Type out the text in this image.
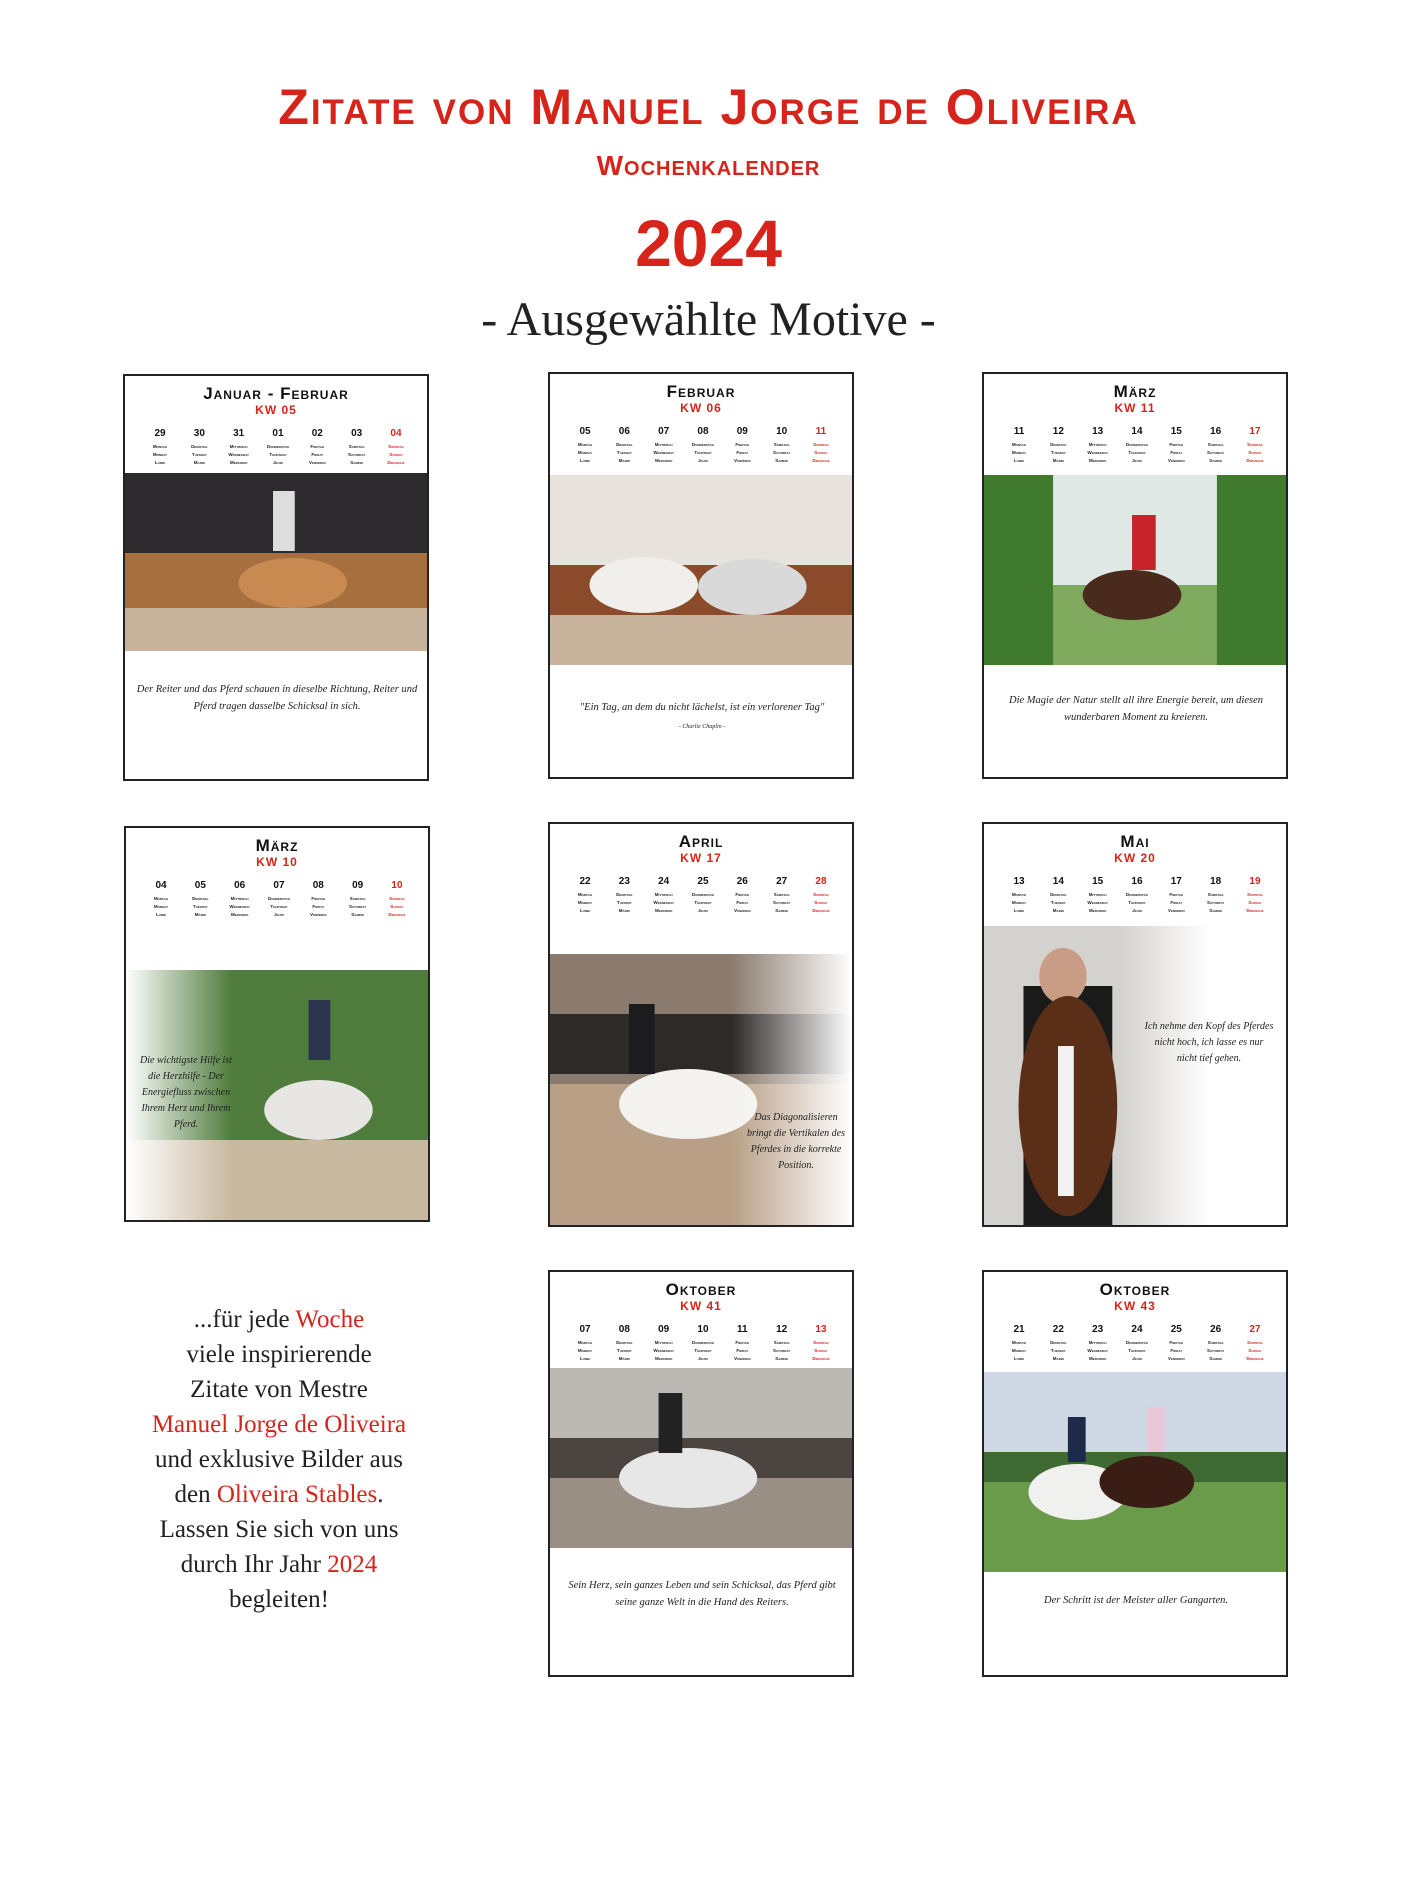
Zitate von Manuel Jorge de Oliveira
Wochenkalender
2024
- Ausgewählte Motive -
Der Reiter und das Pferd schauen in dieselbe Richtung, Reiter und Pferd tragen dasselbe Schicksal in sich.
Januar - Februar
KW 05
29
Montag
Monday
Lundi
30
Dienstag
Tuesday
Mardi
31
Mittwoch
Wednesday
Mercredi
01
Donnerstag
Thursday
Jeudi
02
Freitag
Friday
Vendredi
03
Samstag
Saturday
Samedi
04
Sonntag
Sunday
Dimanche
"Ein Tag, an dem du nicht lächelst, ist ein verlorener Tag"
- Charlie Chaplin -
Februar
KW 06
05
Montag
Monday
Lundi
06
Dienstag
Tuesday
Mardi
07
Mittwoch
Wednesday
Mercredi
08
Donnerstag
Thursday
Jeudi
09
Freitag
Friday
Vendredi
10
Samstag
Saturday
Samedi
11
Sonntag
Sunday
Dimanche
Die Magie der Natur stellt all ihre Energie bereit, um diesen wunderbaren Moment zu kreieren.
März
KW 11
11
Montag
Monday
Lundi
12
Dienstag
Tuesday
Mardi
13
Mittwoch
Wednesday
Mercredi
14
Donnerstag
Thursday
Jeudi
15
Freitag
Friday
Vendredi
16
Samstag
Saturday
Samedi
17
Sonntag
Sunday
Dimanche
Die wichtigste Hilfe ist die Herzhilfe - Der Energiefluss zwischen Ihrem Herz und Ihrem Pferd.
März
KW 10
04
Montag
Monday
Lundi
05
Dienstag
Tuesday
Mardi
06
Mittwoch
Wednesday
Mercredi
07
Donnerstag
Thursday
Jeudi
08
Freitag
Friday
Vendredi
09
Samstag
Saturday
Samedi
10
Sonntag
Sunday
Dimanche
Das Diagonalisieren bringt die Vertikalen des Pferdes in die korrekte Position.
April
KW 17
22
Montag
Monday
Lundi
23
Dienstag
Tuesday
Mardi
24
Mittwoch
Wednesday
Mercredi
25
Donnerstag
Thursday
Jeudi
26
Freitag
Friday
Vendredi
27
Samstag
Saturday
Samedi
28
Sonntag
Sunday
Dimanche
Ich nehme den Kopf des Pferdes nicht hoch, ich lasse es nur nicht tief gehen.
Mai
KW 20
13
Montag
Monday
Lundi
14
Dienstag
Tuesday
Mardi
15
Mittwoch
Wednesday
Mercredi
16
Donnerstag
Thursday
Jeudi
17
Freitag
Friday
Vendredi
18
Samstag
Saturday
Samedi
19
Sonntag
Sunday
Dimanche
Sein Herz, sein ganzes Leben und sein Schicksal, das Pferd gibt seine ganze Welt in die Hand des Reiters.
Oktober
KW 41
07
Montag
Monday
Lundi
08
Dienstag
Tuesday
Mardi
09
Mittwoch
Wednesday
Mercredi
10
Donnerstag
Thursday
Jeudi
11
Freitag
Friday
Vendredi
12
Samstag
Saturday
Samedi
13
Sonntag
Sunday
Dimanche
Der Schritt ist der Meister aller Gangarten.
Oktober
KW 43
21
Montag
Monday
Lundi
22
Dienstag
Tuesday
Mardi
23
Mittwoch
Wednesday
Mercredi
24
Donnerstag
Thursday
Jeudi
25
Freitag
Friday
Vendredi
26
Samstag
Saturday
Samedi
27
Sonntag
Sunday
Dimanche
...für jede Woche
viele inspirierende
Zitate von Mestre
Manuel Jorge de Oliveira
und exklusive Bilder aus
den Oliveira Stables.
Lassen Sie sich von uns
durch Ihr Jahr 2024
begleiten!
